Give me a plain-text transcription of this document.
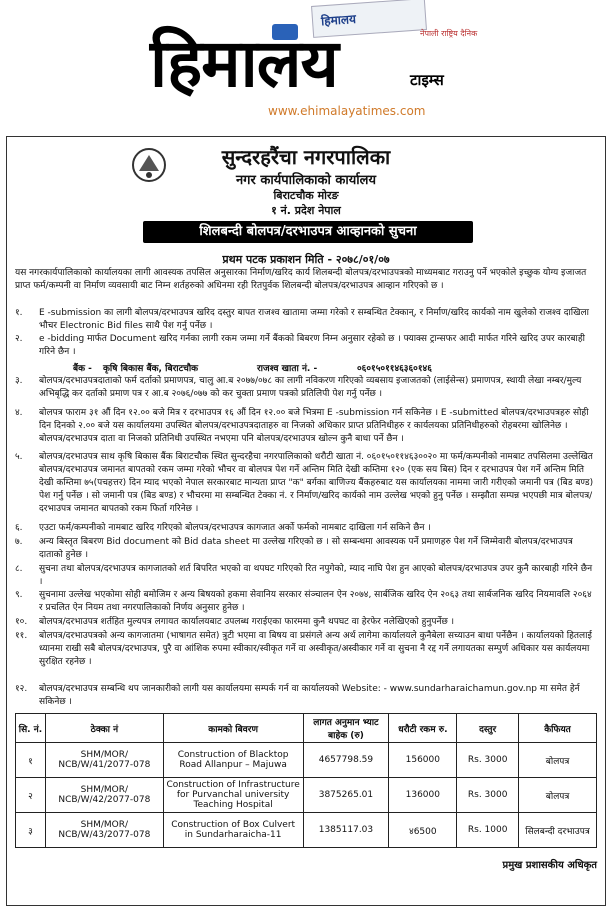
हिमालय
नेपाली राष्ट्रिय दैनिक
हिमालय	टाइम्स
www.ehimalayatimes.com
सुन्दरहरैंचा नगरपालिका
नगर कार्यपालिकाको कार्यालय
बिराटचौक मोरङ
१ नं. प्रदेश नेपाल
शिलबन्दी बोलपत्र/दरभाउपत्र आव्हानको सुचना
प्रथम पटक प्रकाशन मिति - २०७८/०१/०७
यस नगरकार्यपालिकाको कार्यालयका लागी आवस्यक तपसिल अनुसारका निर्माण/खरिद कार्य शिलबन्दी बोलपत्र/दरभाउपत्रको माध्यमबाट गराउनु पर्ने भएकोले इच्छुक योग्य इजाजत प्राप्त फर्म/कम्पनी वा निर्माण व्यवसायी बाट निम्न शर्तहरुको अधिनमा रही रितपुर्वक शिलबन्दी बोलपत्र/दरभाउपत्र आव्हान गरिएको छ ।
१.	E -submission का लागी बोलपत्र/दरभाउपत्र खरिद दस्तुर बापत राजश्व खातामा जम्मा गरेको र सम्बन्धित टेक्कान्, र निर्माण/खरिद कार्यको नाम खुलेको राजश्व दाखिला भौचर Electronic Bid files साथै पेश गर्नु पर्नेछ ।
२.	e -bidding मार्फत Document खरिद गर्नका लागी रकम जम्मा गर्ने बैंकको बिबरण निम्न अनुसार रहेको छ । फ्याक्स ट्रान्सफर आदी मार्फत गरिने खरिद उपर कारबाही गरिने छैन ।
बैंक - कृषि बिकास बैंक, बिराटचौक	राजश्व खाता नं. -	०६०१५०११४६३६०१४६
३.	बोलपत्र/दरभाउपत्रदाताको फर्म दर्ताको प्रमाणपत्र, चालु आ.ब २०७७/०७८ का लागी नविकरण गरिएको व्यबसाय इजाजतको (लाईसेन्स) प्रमाणपत्र, स्थायी लेखा नम्बर/मुल्य अभिबृद्धि कर दर्ताको प्रमाण पत्र र आ.ब २०७६/०७७ को कर चुक्ता प्रमाण पत्रको प्रतिलिपी पेश गर्नु पर्नेछ ।
४.	बोलपत्र फाराम ३१ औं दिन १२.०० बजे मित्र र दरभाउपत्र १६ औं दिन १२.०० बजे भित्रमा E -submission गर्न सकिनेछ । E -submitted बोलपत्र/दरभाउपत्रहरु सोही दिन दिनको २.०० बजे यस कार्यालयमा उपस्थित बोलपत्र/दरभाउपत्रदाताहरु वा निजको अधिकार प्राप्त प्रतिनिधीहरु र कार्यलयका प्रतिनिधीहरुको रोहबरमा खोलिनेछ । बोलपत्र/दरभाउपत्र दाता वा निजको प्रतिनिधी उपस्थित नभएमा पनि बोलपत्र/दरभाउपत्र खोल्न कुनै बाधा पर्ने छैन ।
५.	बोलपत्र/दरभाउपत्र साथ कृषि बिकास बैंक बिराटचौक स्थित सुन्दरहैचा नगरपालिकाको धरौटी खाता नं. ०६०१५०११४६३००२० मा फर्म/कम्पनीको नामबाट तपसिलमा उल्लेखित बोलपत्र/दरभाउपत्र जमानत बापतको रकम जम्मा गरेको भौचर वा बोलपत्र पेश गर्ने अन्तिम मिति देखी कम्तिमा १२० (एक सय बिस) दिन र दरभाउपत्र पेश गर्ने अन्तिम मिति देखी कम्तिमा ७५(पचहत्तर) दिन म्याद भएको नेपाल सरकारबाट मान्यता प्राप्त "क" बर्गका बाणिज्य बैंकहरुबाट यस कार्यालयका नाममा जारी गरीएको जमानी पत्र (बिड बण्ड) पेश गर्नु पर्नेछ । सो जमानी पत्र (बिड बण्ड) र भौचरमा मा सम्बन्धित टेक्का नं. र निर्माण/खरिद कार्यको नाम उल्लेख भएको हुनु पर्नेछ । सम्झौता सम्पन्न भएपछी मात्र बोलपत्र/दरभाउपत्र जमानत बापतको रकम फिर्ता गरिनेछ ।
६.	एउटा फर्म/कम्पनीको नामबाट खरिद गरिएको बोलपत्र/दरभाउपत्र कागजात अर्को फर्मको नामबाट दाखिला गर्न सकिने छैन ।
७.	अन्य बिस्तृत बिबरण Bid document को Bid data sheet मा उल्लेख गरिएको छ । सो सम्बन्धमा आवस्यक पर्ने प्रमाणहरु पेश गर्ने जिम्मेवारी बोलपत्र/दरभाउपत्र दाताको हुनेछ ।
८.	सुचना तथा बोलपत्र/दरभाउपत्र कागजातको शर्त बिपरित भएको वा थपघट गरिएको रित नपुगेको, म्याद नाघि पेश हुन आएको बोलपत्र/दरभाउपत्र उपर कुनै कारबाही गरिने छैन ।
९.	सुचनामा उल्लेख भएकोमा सोही बमोजिम र अन्य बिषयको हकमा सेवानिय सरकार संञ्चालन ऐन २०७४, सार्बजिक खरिद ऐन २०६३ तथा सार्बजनिक खरिद नियमावलि २०६४ र प्रचलित ऐन नियम तथा नगरपालिकाको निर्णय अनुसार हुनेछ ।
१०.	बोलपत्र/दरभाउपत्र शर्तहित मुल्यपत्र लगायत कार्यालयबाट उपलब्ध गराईएका फारममा कुनै थपघट वा हेरफेर नलेखिएको हुनुपर्नेछ ।
११.	बोलपत्र/दरभाउपत्रको अन्य कागजातमा (भाषागत समेत) त्रुटी भएमा वा बिषय वा प्रसंगले अन्य अर्थ लागेमा कार्यालयले कुनैबेला सच्याउन बाधा पर्नेछैन । कार्यालयको हितलाई ध्यानमा राखी सबै बोलपत्र/दरभाउपत्र, पुरै वा आंशिक रुपमा स्वीकार/स्वीकृत गर्ने वा अस्वीकृत/अस्वीकार गर्ने वा सुचना नै रद्द गर्ने लगायतका सम्पुर्ण अधिकार यस कार्यलयमा सुरक्षित रहनेछ ।
१२.	बोलपत्र/दरभाउपत्र सम्बन्धि थप जानकारीको लागी यस कार्यालयमा सम्पर्क गर्न वा कार्यालयको Website: - www.sundarharaichamun.gov.np मा समेत हेर्न सकिनेछ ।
सि. नं.	ठेक्का नं	कामको बिवरण	लागत अनुमान भ्याट बाहेक (रु)	धरौटी रकम रु.	दस्तुर	कैफियत
१	SHM/MOR/ NCB/W/41/2077-078	Construction of Blacktop Road Allanpur – Majuwa	4657798.59	156000	Rs. 3000	बोलपत्र
२	SHM/MOR/ NCB/W/42/2077-078	Construction of Infrastructure for Purvanchal university Teaching Hospital	3875265.01	136000	Rs. 3000	बोलपत्र
३	SHM/MOR/ NCB/W/43/2077-078	Construction of Box Culvert in Sundarharaicha-11	1385117.03	४6500	Rs. 1000	सिलबन्दी दरभाउपत्र
प्रमुख प्रशासकीय अधिकृत
